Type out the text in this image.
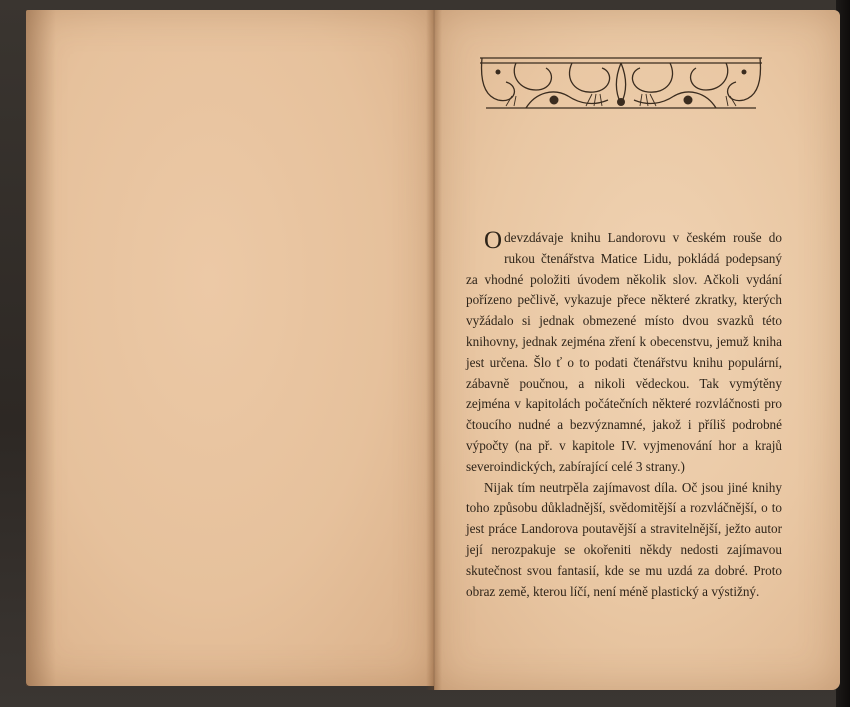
Odevzdávaje knihu Landorovu v českém rouše do rukou čtenářstva Matice Lidu, pokládá podepsaný za vhodné položiti úvodem několik slov. Ačkoli vydání pořízeno pečlivě, vykazuje přece některé zkratky, kterých vyžádalo si jednak obmezené místo dvou svazků této knihovny, jednak zejména zření k obecenstvu, jemuž kniha jest určena. Šlo ť o to podati čtenářstvu knihu populární, zábavně poučnou, a nikoli vědeckou. Tak vymýtěny zejména v kapitolách počátečních některé rozvláčnosti pro čtoucího nudné a bezvýznamné, jakož i příliš podrobné výpočty (na př. v kapitole IV. vyjmenování hor a krajů severoindických, zabírající celé 3 strany.)

Nijak tím neutrpěla zajímavost díla. Oč jsou jiné knihy toho způsobu důkladnější, svědomitější a rozvláčnější, o to jest práce Landorova poutavější a stravitelnější, ježto autor její nerozpakuje se okořeniti někdy nedosti zajímavou skutečnost svou fantasií, kde se mu uzdá za dobré. Proto obraz země, kterou líčí, není méně plastický a výstižný.
